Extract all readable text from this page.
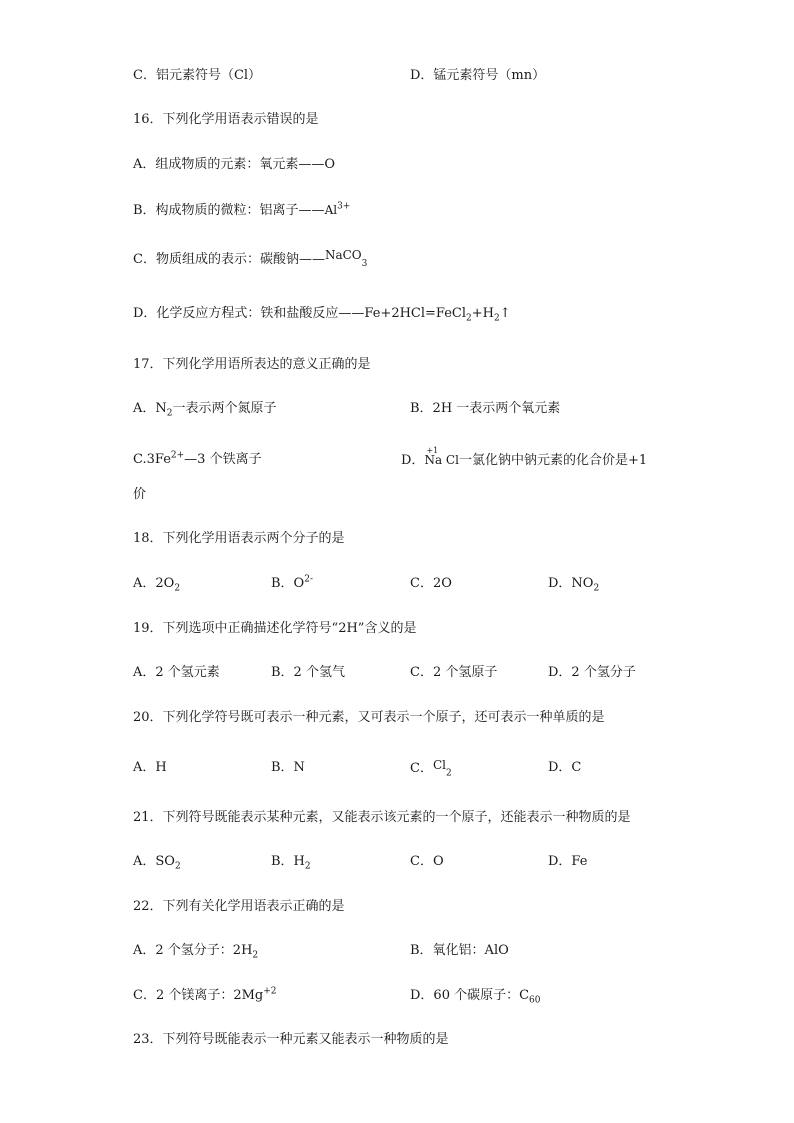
C．铝元素符号（Cl）	D．锰元素符号（mn）
16．下列化学用语表示错误的是
A．组成物质的元素：氧元素——O
B．构成物质的微粒：铝离子$——Al^{3+}$
C．物质组成的表示：碳酸钠——NaCO$_3$
D．化学反应方程式：铁和盐酸反应$——Fe+2HCl=FeCl_2+H_2↑$
17．下列化学用语所表达的意义正确的是
A．$N_2$一表示两个氮原子	B．2H 一表示两个氧元素
$C.3Fe^{2+}—3$ 个铁离子	D．
+1
Na Cl一氯化钠中钠元素的化合价是+1
价
18．下列化学用语表示两个分子的是
A．$2O_2$	B．$O^{2-}$	C．2O	D．$NO_2$
19．下列选项中正确描述化学符号“2H”含义的是
A．2 个氢元素	B．2 个氢气	C．2 个氢原子	D．2 个氢分子
20．下列化学符号既可表示一种元素，又可表示一个原子，还可表示一种单质的是
A．H	B．N	C．$Cl_2$	D．C
21．下列符号既能表示某种元素，又能表示该元素的一个原子，还能表示一种物质的是
A．$SO_2$	B．$H_2$	C．O	D．Fe
22．下列有关化学用语表示正确的是
A．2 个氢分子：$2H_2$	B．氧化铝：AlO
C．2 个镁离子：$2Mg^{+2}$	D．60 个碳原子：$C_{60}$
23．下列符号既能表示一种元素又能表示一种物质的是
